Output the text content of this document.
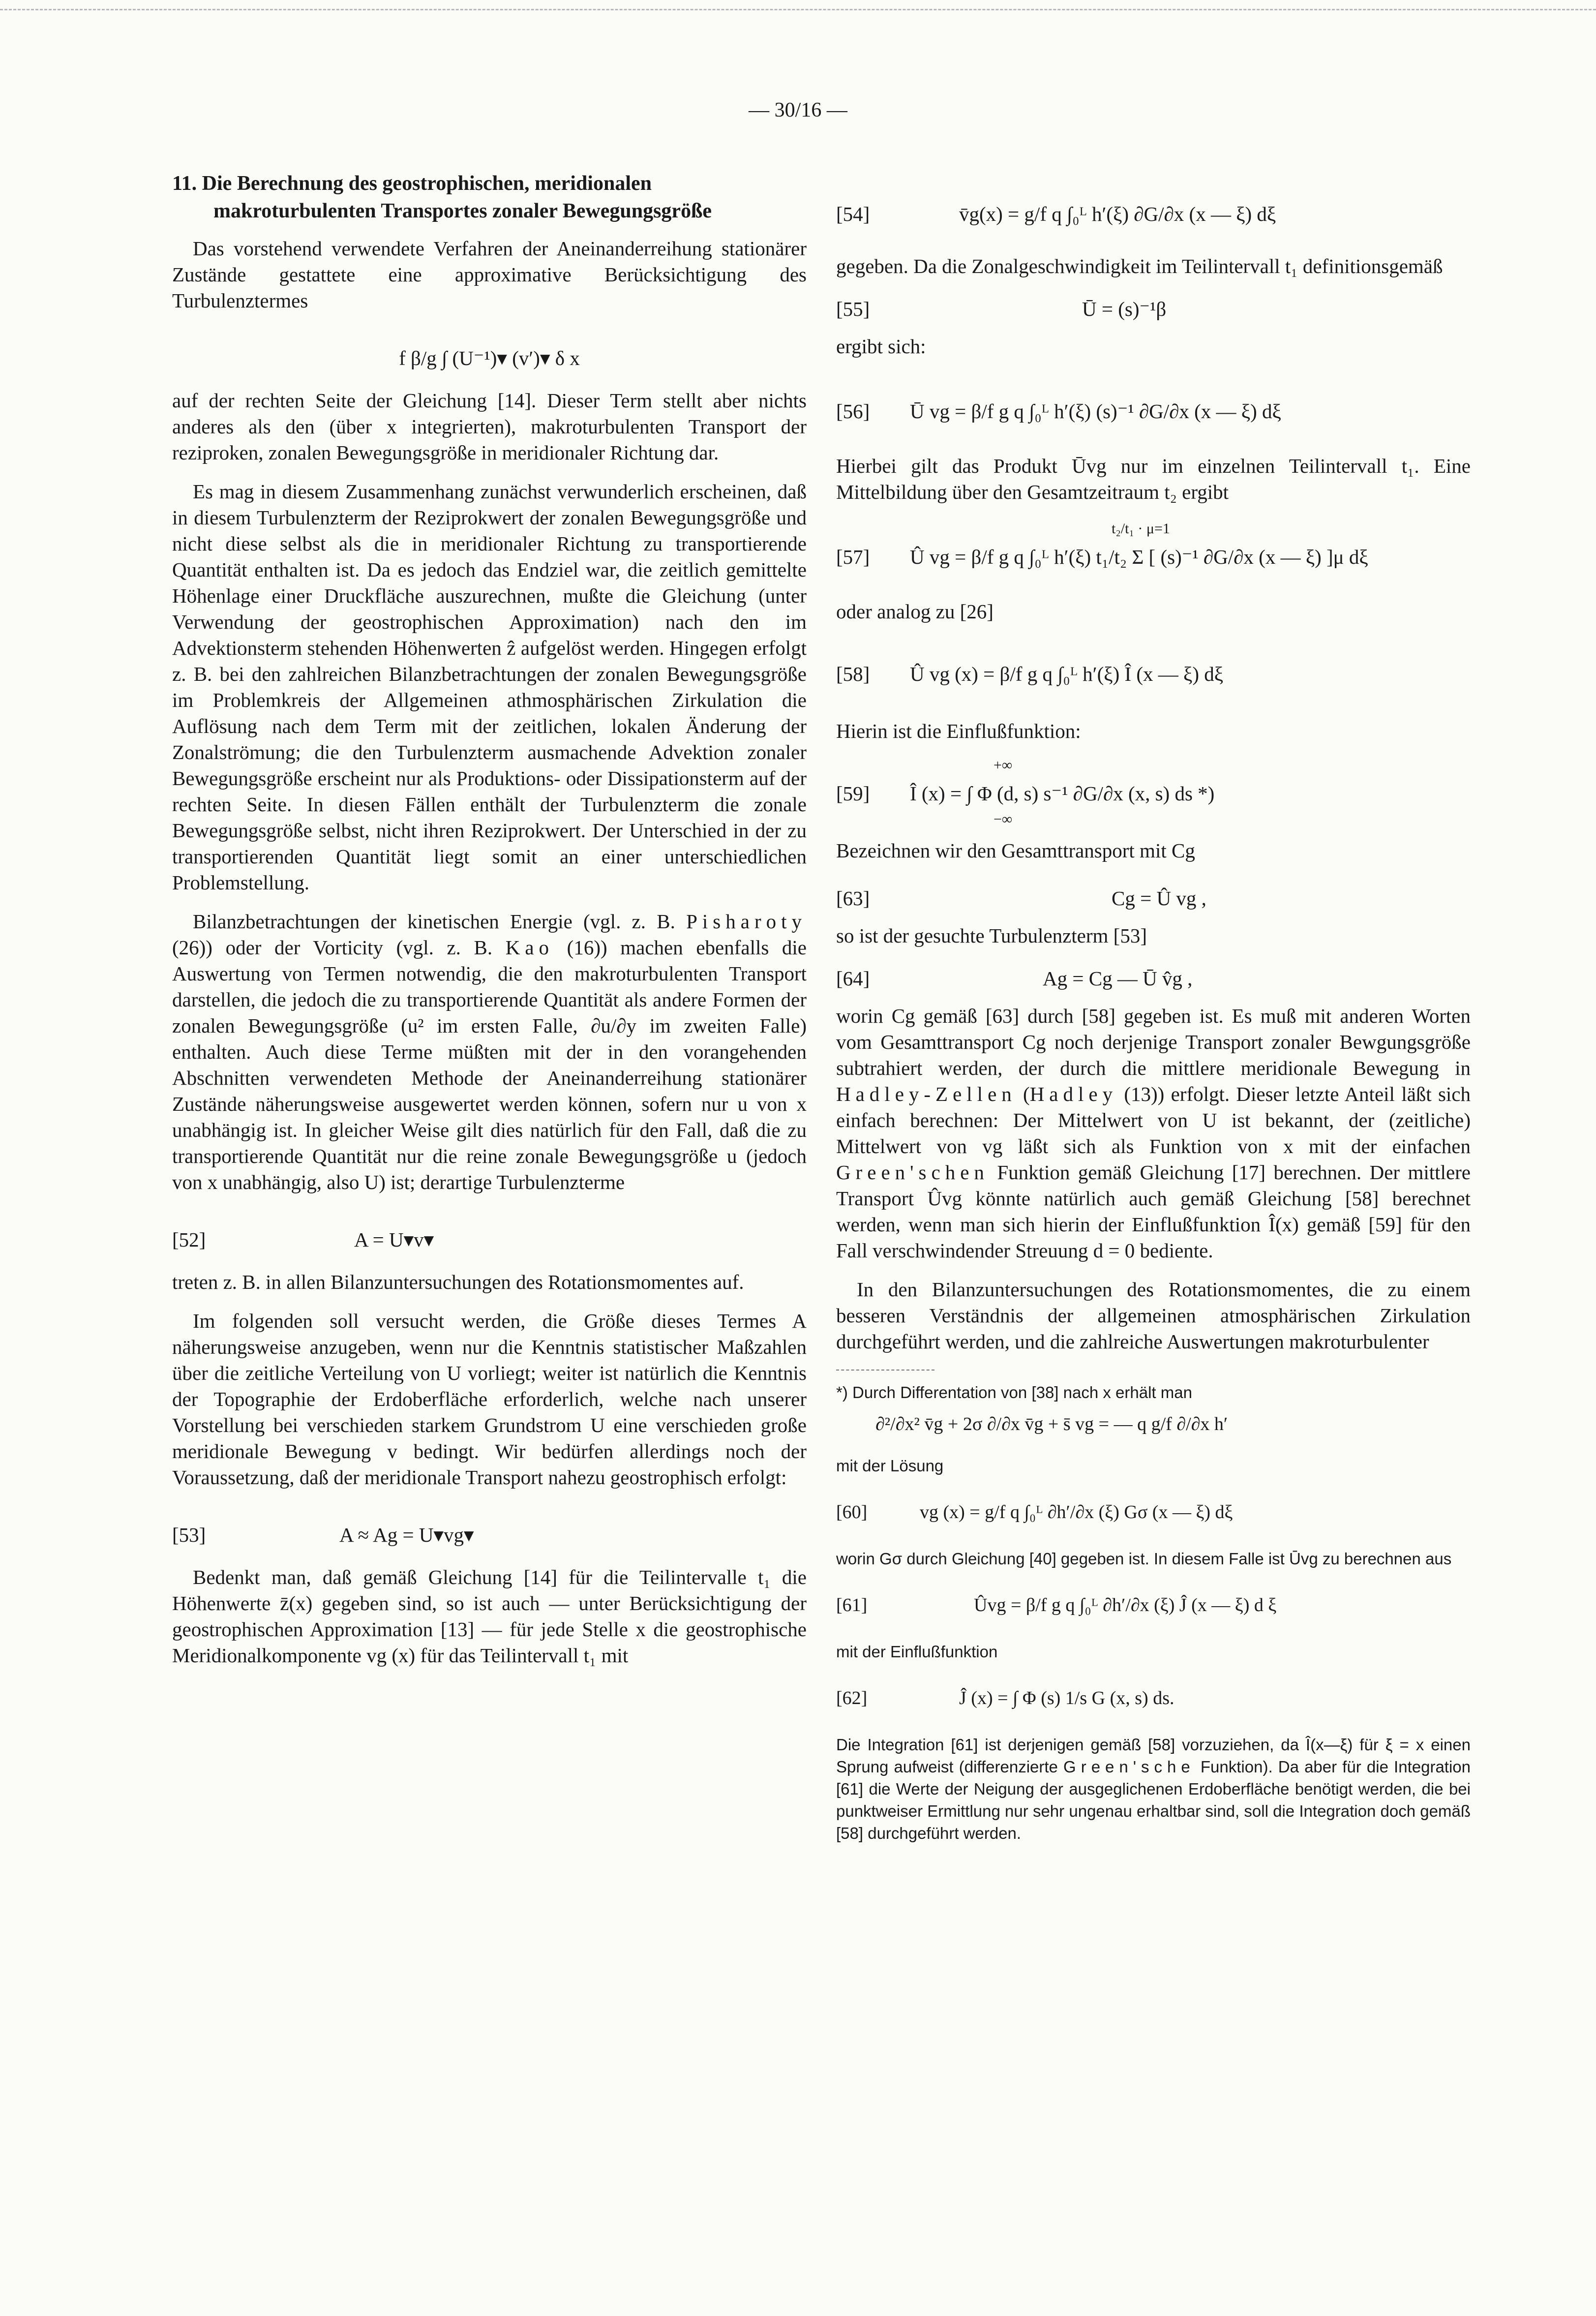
— 30/16 —
11. Die Berechnung des geostrophischen, meridionalen makroturbulenten Transportes zonaler Bewegungsgröße
Das vorstehend verwendete Verfahren der Aneinanderreihung stationärer Zustände gestattete eine approximative Berücksichtigung des Turbulenztermes
f β/g ∫ (U⁻¹)▾ (v′)▾ δ x
auf der rechten Seite der Gleichung [14]. Dieser Term stellt aber nichts anderes als den (über x integrierten), makroturbulenten Transport der reziproken, zonalen Bewegungsgröße in meridionaler Richtung dar.
Es mag in diesem Zusammenhang zunächst verwunderlich erscheinen, daß in diesem Turbulenzterm der Reziprokwert der zonalen Bewegungsgröße und nicht diese selbst als die in meridionaler Richtung zu transportierende Quantität enthalten ist. Da es jedoch das Endziel war, die zeitlich gemittelte Höhenlage einer Druckfläche auszurechnen, mußte die Gleichung (unter Verwendung der geostrophischen Approximation) nach den im Advektionsterm stehenden Höhenwerten ẑ aufgelöst werden. Hingegen erfolgt z. B. bei den zahlreichen Bilanzbetrachtungen der zonalen Bewegungsgröße im Problemkreis der Allgemeinen athmosphärischen Zirkulation die Auflösung nach dem Term mit der zeitlichen, lokalen Änderung der Zonalströmung; die den Turbulenzterm ausmachende Advektion zonaler Bewegungsgröße erscheint nur als Produktions- oder Dissipationsterm auf der rechten Seite. In diesen Fällen enthält der Turbulenzterm die zonale Bewegungsgröße selbst, nicht ihren Reziprokwert. Der Unterschied in der zu transportierenden Quantität liegt somit an einer unterschiedlichen Problemstellung.
Bilanzbetrachtungen der kinetischen Energie (vgl. z. B. Pisharoty (26)) oder der Vorticity (vgl. z. B. Kao (16)) machen ebenfalls die Auswertung von Termen notwendig, die den makroturbulenten Transport darstellen, die jedoch die zu transportierende Quantität als andere Formen der zonalen Bewegungsgröße (u² im ersten Falle, ∂u/∂y im zweiten Falle) enthalten. Auch diese Terme müßten mit der in den vorangehenden Abschnitten verwendeten Methode der Aneinanderreihung stationärer Zustände näherungsweise ausgewertet werden können, sofern nur u von x unabhängig ist. In gleicher Weise gilt dies natürlich für den Fall, daß die zu transportierende Quantität nur die reine zonale Bewegungsgröße u (jedoch von x unabhängig, also U) ist; derartige Turbulenzterme
[52]	A = U▾v▾
treten z. B. in allen Bilanzuntersuchungen des Rotationsmomentes auf.
Im folgenden soll versucht werden, die Größe dieses Termes A näherungsweise anzugeben, wenn nur die Kenntnis statistischer Maßzahlen über die zeitliche Verteilung von U vorliegt; weiter ist natürlich die Kenntnis der Topographie der Erdoberfläche erforderlich, welche nach unserer Vorstellung bei verschieden starkem Grundstrom U eine verschieden große meridionale Bewegung v bedingt. Wir bedürfen allerdings noch der Voraussetzung, daß der meridionale Transport nahezu geostrophisch erfolgt:
[53]	A ≈ Ag = U▾vg▾
Bedenkt man, daß gemäß Gleichung [14] für die Teilintervalle t₁ die Höhenwerte z̄(x) gegeben sind, so ist auch — unter Berücksichtigung der geostrophischen Approximation [13] — für jede Stelle x die geostrophische Meridionalkomponente vg (x) für das Teilintervall t₁ mit
[54]	v̄g(x) = g/f q ∫₀ᴸ h′(ξ) ∂G/∂x (x — ξ) dξ
gegeben. Da die Zonalgeschwindigkeit im Teilintervall t₁ definitionsgemäß
[55]	Ū = (s)⁻¹β
ergibt sich:
[56] Ū vg = β/f g q ∫₀ᴸ h′(ξ) (s)⁻¹ ∂G/∂x (x — ξ) dξ
Hierbei gilt das Produkt Ūvg nur im einzelnen Teilintervall t₁. Eine Mittelbildung über den Gesamtzeitraum t₂ ergibt
[57] Û vg = β/f g q ∫₀ᴸ h′(ξ) t₁/t₂ Σ [ (s)⁻¹ ∂G/∂x (x — ξ) ]μ dξ
t₂/t₁ · μ=1
oder analog zu [26]
[58] Û vg (x) = β/f g q ∫₀ᴸ h′(ξ) Î (x — ξ) dξ
Hierin ist die Einflußfunktion:
+∞
[59] Î (x) = ∫ Φ (d, s) s⁻¹ ∂G/∂x (x, s) ds *)
−∞
Bezeichnen wir den Gesamttransport mit Cg
[63]	Cg = Û vg ,
so ist der gesuchte Turbulenzterm [53]
[64]	Ag = Cg — Ū v̂g ,
worin Cg gemäß [63] durch [58] gegeben ist. Es muß mit anderen Worten vom Gesamttransport Cg noch derjenige Transport zonaler Bewgungsgröße subtrahiert werden, der durch die mittlere meridionale Bewegung in Hadley-Zellen (Hadley (13)) erfolgt. Dieser letzte Anteil läßt sich einfach berechnen: Der Mittelwert von U ist bekannt, der (zeitliche) Mittelwert von vg läßt sich als Funktion von x mit der einfachen Green'schen Funktion gemäß Gleichung [17] berechnen. Der mittlere Transport Ûvg könnte natürlich auch gemäß Gleichung [58] berechnet werden, wenn man sich hierin der Einflußfunktion Î(x) gemäß [59] für den Fall verschwindender Streuung d = 0 bediente.
In den Bilanzuntersuchungen des Rotationsmomentes, die zu einem besseren Verständnis der allgemeinen atmosphärischen Zirkulation durchgeführt werden, und die zahlreiche Auswertungen makroturbulenter
*) Durch Differentation von [38] nach x erhält man
∂²/∂x² v̄g + 2σ ∂/∂x v̄g + s̄ vg = — q g/f ∂/∂x h′
mit der Lösung
[60]	vg (x) = g/f q ∫₀ᴸ ∂h′/∂x (ξ) Gσ (x — ξ) dξ
worin Gσ durch Gleichung [40] gegeben ist. In diesem Falle ist Ūvg zu berechnen aus
[61]	Ûvg = β/f g q ∫₀ᴸ ∂h′/∂x (ξ) Ĵ (x — ξ) d ξ
mit der Einflußfunktion
[62]	Ĵ (x) = ∫ Φ (s) 1/s G (x, s) ds.
Die Integration [61] ist derjenigen gemäß [58] vorzuziehen, da Î(x—ξ) für ξ = x einen Sprung aufweist (differenzierte Green'sche Funktion). Da aber für die Integration [61] die Werte der Neigung der ausgeglichenen Erdoberfläche benötigt werden, die bei punktweiser Ermittlung nur sehr ungenau erhaltbar sind, soll die Integration doch gemäß [58] durchgeführt werden.
